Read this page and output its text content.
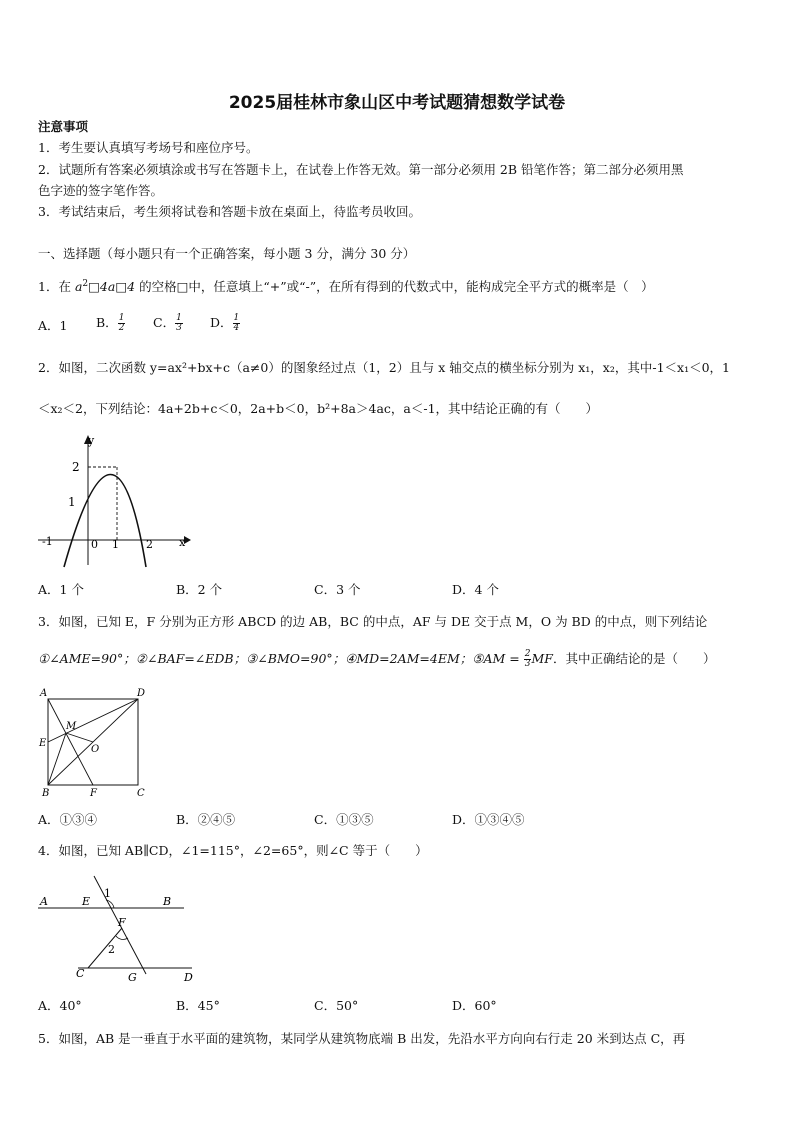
2025届桂林市象山区中考试题猜想数学试卷
注意事项
1．考生要认真填写考场号和座位序号。
2．试题所有答案必须填涂或书写在答题卡上，在试卷上作答无效。第一部分必须用 2B 铅笔作答；第二部分必须用黑
色字迹的签字笔作答。
3．考试结束后，考生须将试卷和答题卡放在桌面上，待监考员收回。
一、选择题（每小题只有一个正确答案，每小题 3 分，满分 30 分）
1．在 $a^2□4a□4$ 的空格□中，任意填上“+”或“-”，在所有得到的代数式中，能构成完全平方式的概率是（　）
A．1 B． $\frac{1}{2}$ C． $\frac{1}{3}$ D． $\frac{1}{4}$
2．如图，二次函数 y=ax²+bx+c（a≠0）的图象经过点（1，2）且与 x 轴交点的横坐标分别为 x₁，x₂，其中-1＜x₁＜0，1
＜x₂＜2，下列结论：4a+2b+c＜0，2a+b＜0，b²+8a＞4ac，a＜-1，其中结论正确的有（　　）
y
x
2
1
-1	0 1 2
A．1 个	B．2 个	C．3 个	D．4 个
3．如图，已知 E，F 分别为正方形 ABCD 的边 AB，BC 的中点，AF 与 DE 交于点 M，O 为 BD 的中点，则下列结论
①∠AME=90°；②∠BAF=∠EDB；③∠BMO=90°；④MD=2AM=4EM；⑤AM = $\frac{2}{3}$ MF．其中正确结论的是（　　）
A	D
M
E
O
B	F	C
A．①③④	B．②④⑤	C．①③⑤	D．①③④⑤
4．如图，已知 AB∥CD，∠1=115°，∠2=65°，则∠C 等于（　　）
A	E
1
B
F
2
C	G	D
A．40°	B．45°	C．50°	D．60°
5．如图，AB 是一垂直于水平面的建筑物，某同学从建筑物底端 B 出发，先沿水平方向向右行走 20 米到达点 C，再
